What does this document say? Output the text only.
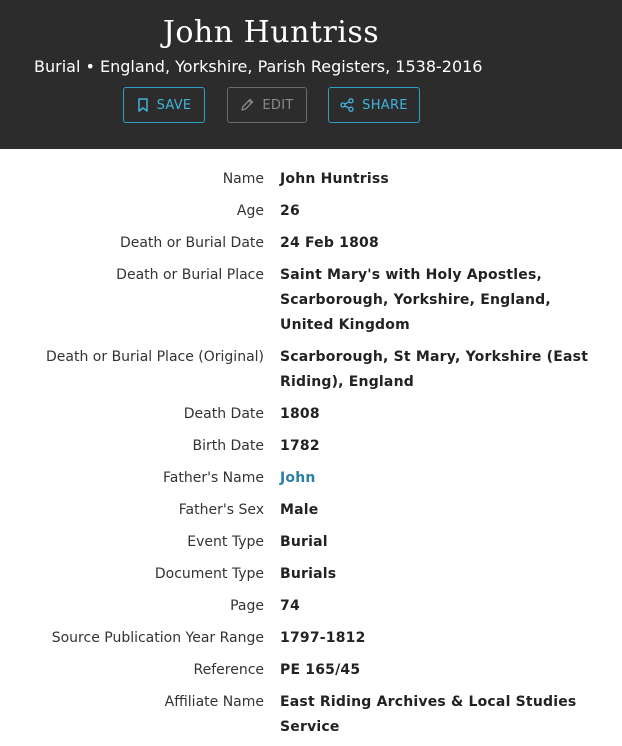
John Huntriss
Burial • England, Yorkshire, Parish Registers, 1538-2016
SAVE	EDIT	SHARE
Name John Huntriss
Age 26
Death or Burial Date 24 Feb 1808
Death or Burial Place Saint Mary's with Holy Apostles, Scarborough, Yorkshire, England, United Kingdom
Death or Burial Place (Original) Scarborough, St Mary, Yorkshire (East Riding), England
Death Date 1808
Birth Date 1782
Father's Name John
Father's Sex Male
Event Type Burial
Document Type Burials
Page 74
Source Publication Year Range 1797-1812
Reference PE 165/45
Affiliate Name East Riding Archives & Local Studies Service
